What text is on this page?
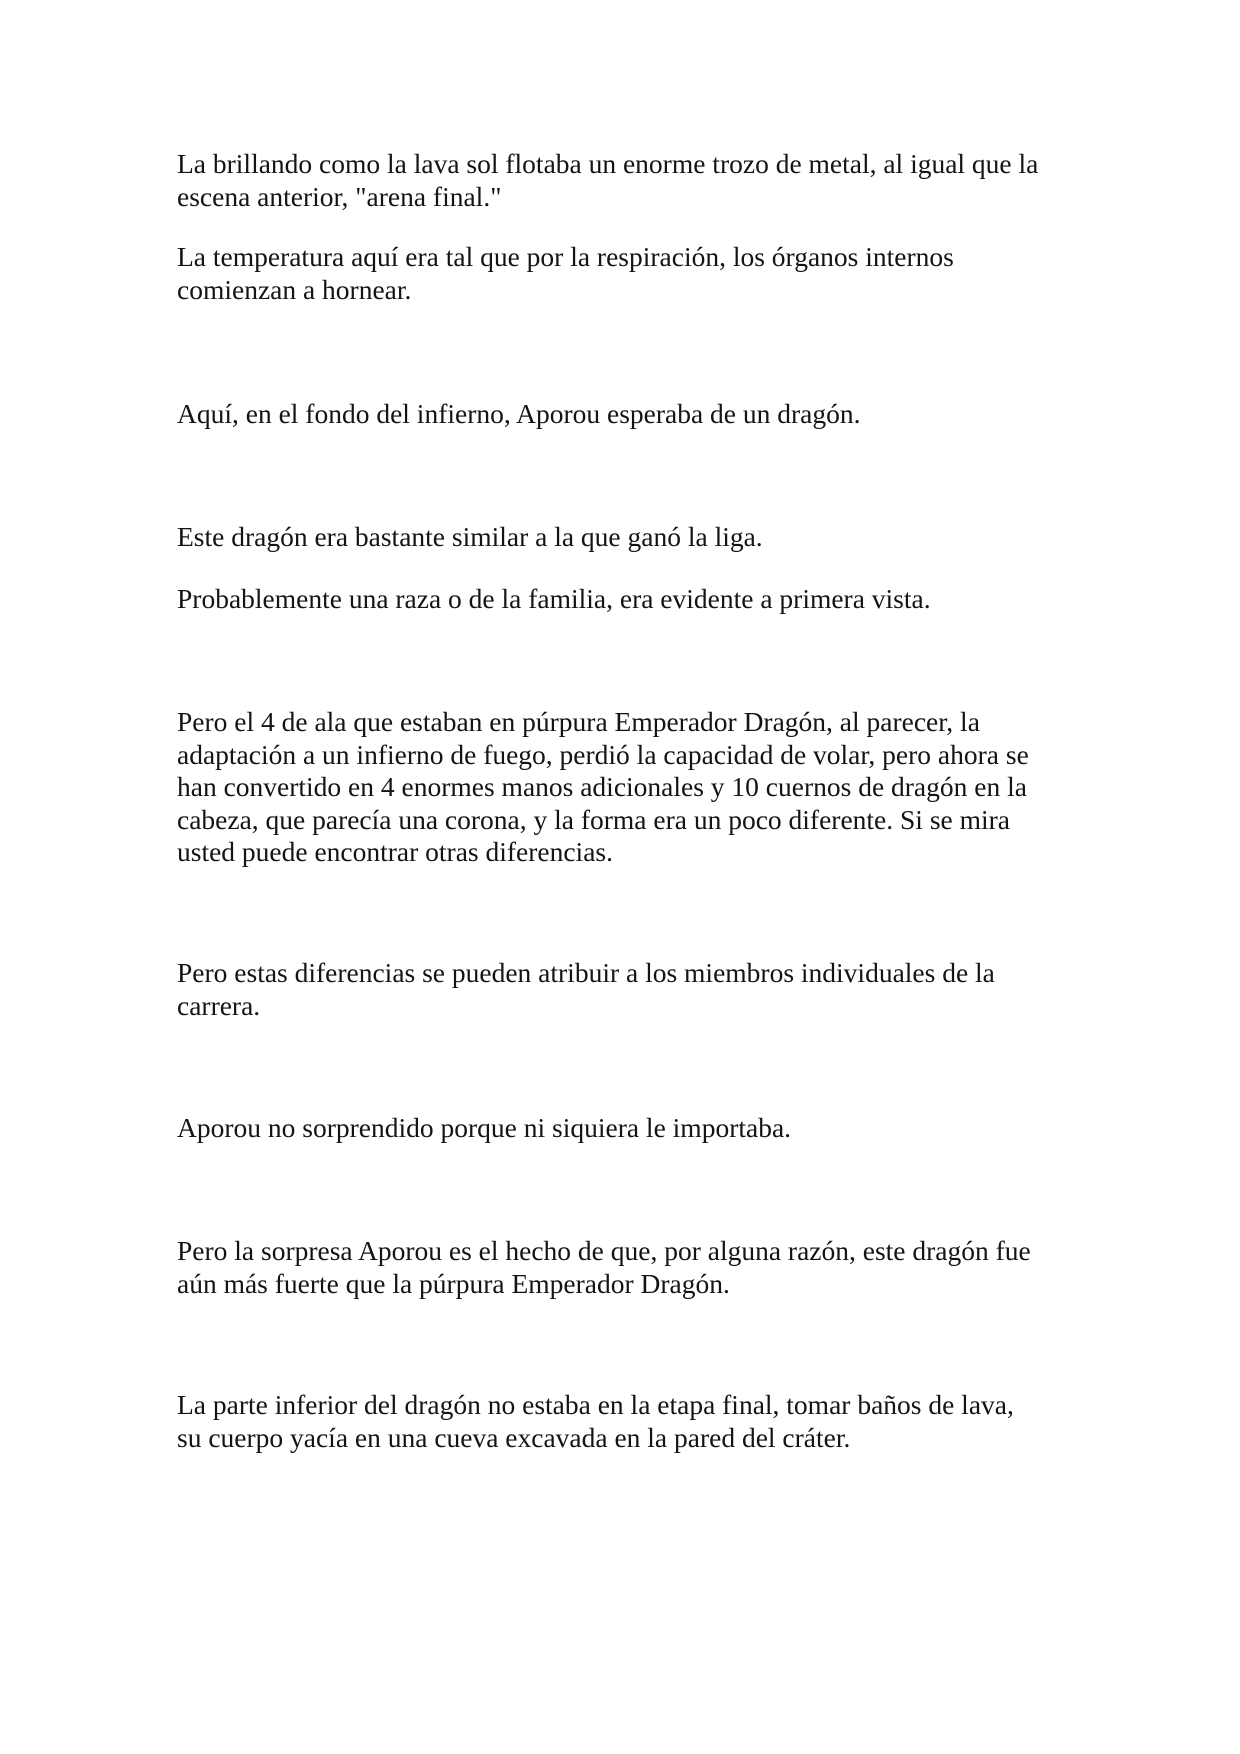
La brillando como la lava sol flotaba un enorme trozo de metal, al igual que la
escena anterior, "arena final."

La temperatura aquí era tal que por la respiración, los órganos internos
comienzan a hornear.

Aquí, en el fondo del infierno, Aporou esperaba de un dragón.

Este dragón era bastante similar a la que ganó la liga.

Probablemente una raza o de la familia, era evidente a primera vista.

Pero el 4 de ala que estaban en púrpura Emperador Dragón, al parecer, la
adaptación a un infierno de fuego, perdió la capacidad de volar, pero ahora se
han convertido en 4 enormes manos adicionales y 10 cuernos de dragón en la
cabeza, que parecía una corona, y la forma era un poco diferente. Si se mira
usted puede encontrar otras diferencias.

Pero estas diferencias se pueden atribuir a los miembros individuales de la
carrera.

Aporou no sorprendido porque ni siquiera le importaba.

Pero la sorpresa Aporou es el hecho de que, por alguna razón, este dragón fue
aún más fuerte que la púrpura Emperador Dragón.

La parte inferior del dragón no estaba en la etapa final, tomar baños de lava,
su cuerpo yacía en una cueva excavada en la pared del cráter.
